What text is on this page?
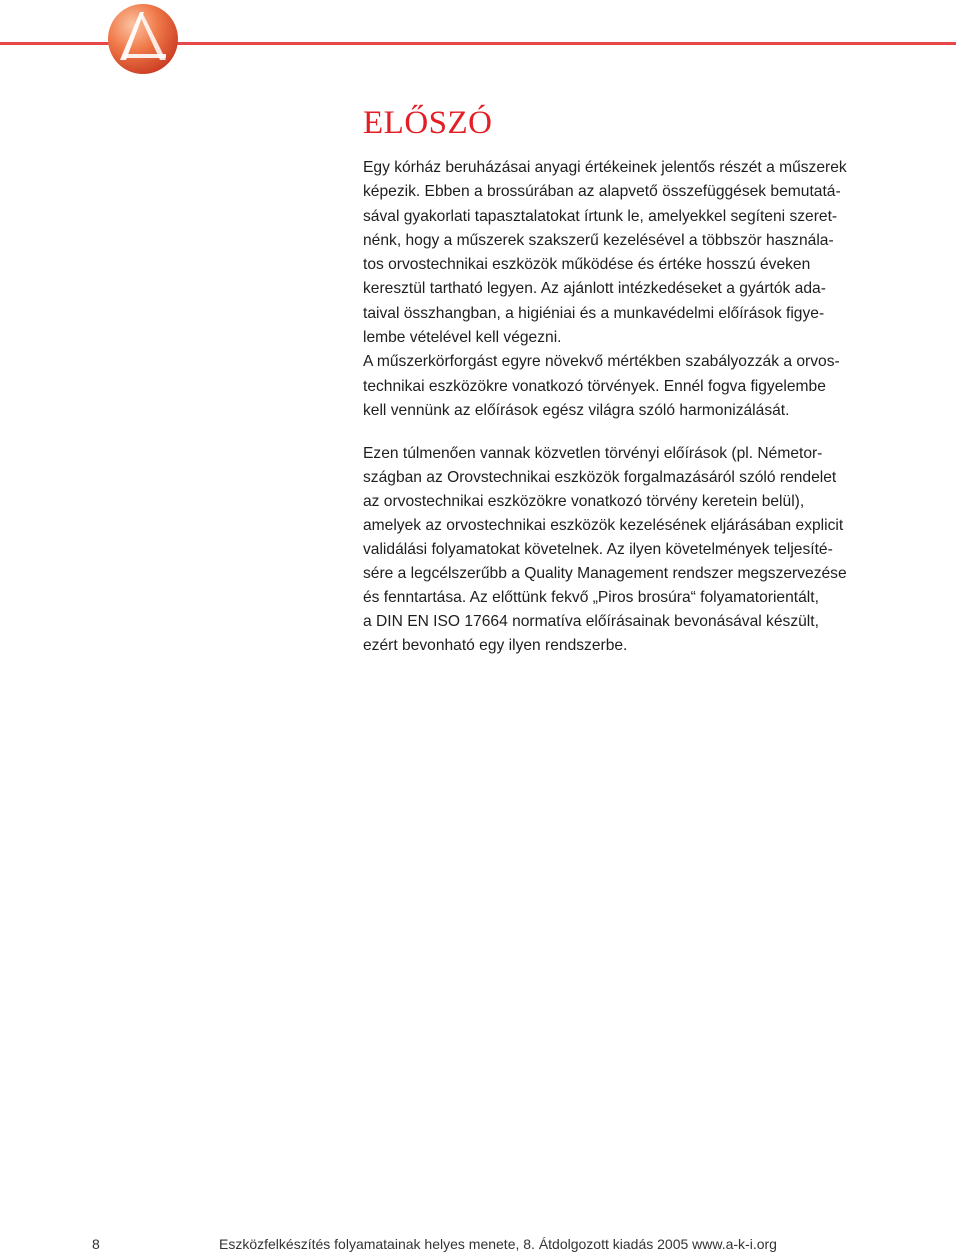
ELŐSZÓ
Egy kórház beruházásai anyagi értékeinek jelentős részét a műszerek
képezik. Ebben a brossúrában az alapvető összefüggések bemutatá-
sával gyakorlati tapasztalatokat írtunk le, amelyekkel segíteni szeret-
nénk, hogy a műszerek szakszerű kezelésével a többször használa-
tos orvostechnikai eszközök működése és értéke hosszú éveken
keresztül tartható legyen. Az ajánlott intézkedéseket a gyártók ada-
taival összhangban, a higiéniai és a munkavédelmi előírások figye-
lembe vételével kell végezni.
A műszerkörforgást egyre növekvő mértékben szabályozzák a orvos-
technikai eszközökre vonatkozó törvények. Ennél fogva figyelembe
kell vennünk az előírások egész világra szóló harmonizálását.
Ezen túlmenően vannak közvetlen törvényi előírások (pl. Németor-
szágban az Orovstechnikai eszközök forgalmazásáról szóló rendelet
az orvostechnikai eszközökre vonatkozó törvény keretein belül),
amelyek az orvostechnikai eszközök kezelésének eljárásában explicit
validálási folyamatokat követelnek. Az ilyen követelmények teljesíté-
sére a legcélszerűbb a Quality Management rendszer megszervezése
és fenntartása. Az előttünk fekvő „Piros brosúra“ folyamatorientált,
a DIN EN ISO 17664 normatíva előírásainak bevonásával készült,
ezért bevonható egy ilyen rendszerbe.
8	Eszközfelkészítés folyamatainak helyes menete, 8. Átdolgozott kiadás 2005 www.a-k-i.org
